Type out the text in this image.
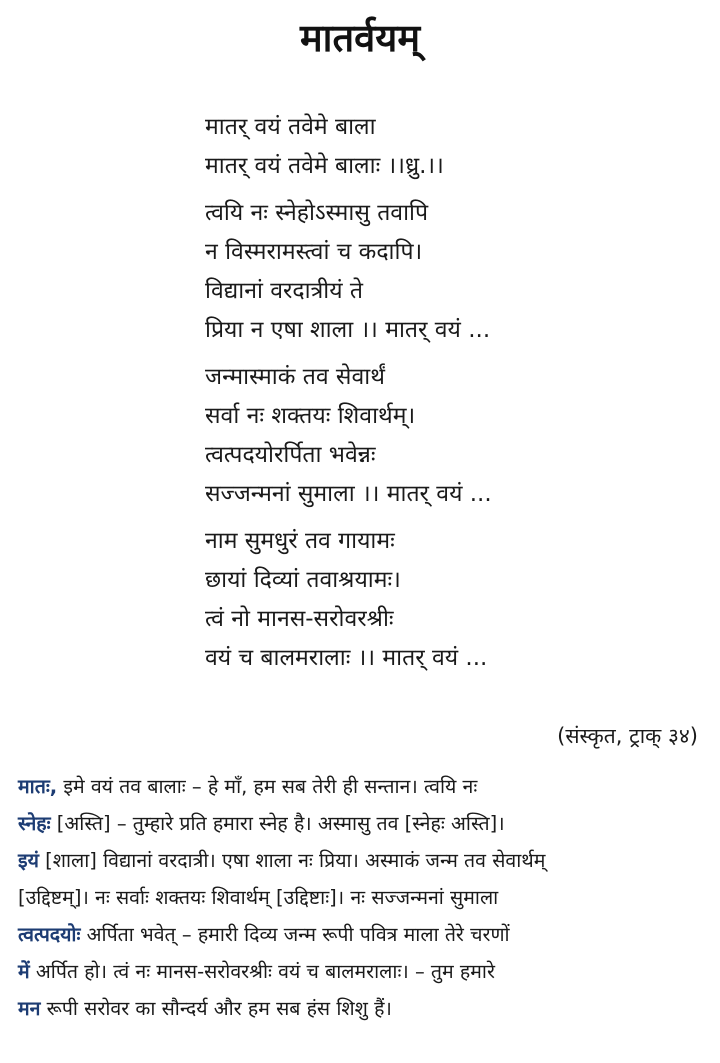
मातर्वयम्
मातर् वयं तवेमे बाला
मातर् वयं तवेमे बालाः ।।ध्रु.।।
त्वयि नः स्नेहोऽस्मासु तवापि
न विस्मरामस्त्वां च कदापि।
विद्यानां वरदात्रीयं ते
प्रिया न एषा शाला ।। मातर् वयं ...
जन्मास्माकं तव सेवार्थं
सर्वा नः शक्तयः शिवार्थम्।
त्वत्पदयोरर्पिता भवेन्नः
सज्जन्मनां सुमाला ।। मातर् वयं ...
नाम सुमधुरं तव गायामः
छायां दिव्यां तवाश्रयामः।
त्वं नो मानस-सरोवरश्रीः
वयं च बालमरालाः ।। मातर् वयं ...
(संस्कृत, ट्राक् ३४)
मातः, इमे वयं तव बालाः – हे माँ, हम सब तेरी ही सन्तान। त्वयि नः
स्नेहः [अस्ति] – तुम्हारे प्रति हमारा स्नेह है। अस्मासु तव [स्नेहः अस्ति]।
इयं [शाला] विद्यानां वरदात्री। एषा शाला नः प्रिया। अस्माकं जन्म तव सेवार्थम्
[उद्दिष्टम्]। नः सर्वाः शक्तयः शिवार्थम् [उद्दिष्टाः]। नः सज्जन्मनां सुमाला
त्वत्पदयोः अर्पिता भवेत् – हमारी दिव्य जन्म रूपी पवित्र माला तेरे चरणों
में अर्पित हो। त्वं नः मानस-सरोवरश्रीः वयं च बालमरालाः। – तुम हमारे
मन रूपी सरोवर का सौन्दर्य और हम सब हंस शिशु हैं।
